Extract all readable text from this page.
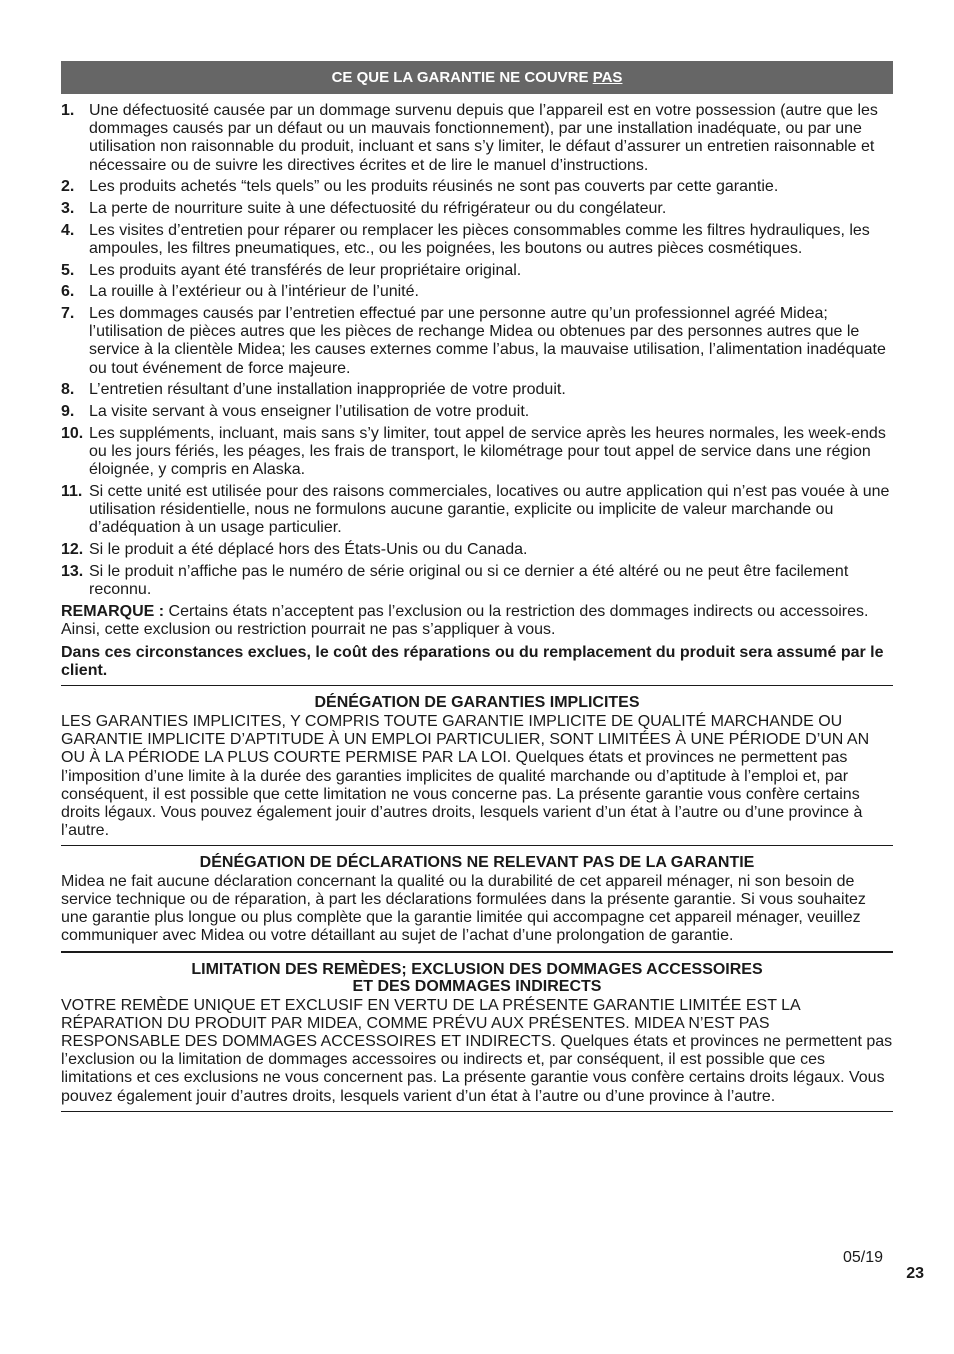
CE QUE LA GARANTIE NE COUVRE PAS
1. Une défectuosité causée par un dommage survenu depuis que l’appareil est en votre possession (autre que les dommages causés par un défaut ou un mauvais fonctionnement), par une installation inadéquate, ou par une utilisation non raisonnable du produit, incluant et sans s’y limiter, le défaut d’assurer un entretien raisonnable et nécessaire ou de suivre les directives écrites et de lire le manuel d’instructions.
2. Les produits achetés “tels quels” ou les produits réusinés ne sont pas couverts par cette garantie.
3. La perte de nourriture suite à une défectuosité du réfrigérateur ou du congélateur.
4. Les visites d’entretien pour réparer ou remplacer les pièces consommables comme les filtres hydrauliques, les ampoules, les filtres pneumatiques, etc., ou les poignées, les boutons ou autres pièces cosmétiques.
5. Les produits ayant été transférés de leur propriétaire original.
6. La rouille à l’extérieur ou à l’intérieur de l’unité.
7. Les dommages causés par l’entretien effectué par une personne autre qu’un professionnel agréé Midea; l’utilisation de pièces autres que les pièces de rechange Midea ou obtenues par des personnes autres que le service à la clientèle Midea; les causes externes comme l’abus, la mauvaise utilisation, l’alimentation inadéquate ou tout événement de force majeure.
8. L’entretien résultant d’une installation inappropriée de votre produit.
9. La visite servant à vous enseigner l’utilisation de votre produit.
10. Les suppléments, incluant, mais sans s’y limiter, tout appel de service après les heures normales, les week-ends ou les jours fériés, les péages, les frais de transport, le kilométrage pour tout appel de service dans une région éloignée, y compris en Alaska.
11. Si cette unité est utilisée pour des raisons commerciales, locatives ou autre application qui n’est pas vouée à une utilisation résidentielle, nous ne formulons aucune garantie, explicite ou implicite de valeur marchande ou d’adéquation à un usage particulier.
12. Si le produit a été déplacé hors des États-Unis ou du Canada.
13. Si le produit n’affiche pas le numéro de série original ou si ce dernier a été altéré ou ne peut être facilement reconnu.
REMARQUE : Certains états n’acceptent pas l’exclusion ou la restriction des dommages indirects ou accessoires. Ainsi, cette exclusion ou restriction pourrait ne pas s’appliquer à vous.
Dans ces circonstances exclues, le coût des réparations ou du remplacement du produit sera assumé par le client.
DÉNÉGATION DE GARANTIES IMPLICITES
LES GARANTIES IMPLICITES, Y COMPRIS TOUTE GARANTIE IMPLICITE DE QUALITÉ MARCHANDE OU GARANTIE IMPLICITE D’APTITUDE À UN EMPLOI PARTICULIER, SONT LIMITÉES À UNE PÉRIODE D’UN AN OU À LA PÉRIODE LA PLUS COURTE PERMISE PAR LA LOI. Quelques états et provinces ne permettent pas l’imposition d’une limite à la durée des garanties implicites de qualité marchande ou d’aptitude à l’emploi et, par conséquent, il est possible que cette limitation ne vous concerne pas. La présente garantie vous confère certains droits légaux. Vous pouvez également jouir d’autres droits, lesquels varient d’un état à l’autre ou d’une province à l’autre.
DÉNÉGATION DE DÉCLARATIONS NE RELEVANT PAS DE LA GARANTIE
Midea ne fait aucune déclaration concernant la qualité ou la durabilité de cet appareil ménager, ni son besoin de service technique ou de réparation, à part les déclarations formulées dans la présente garantie. Si vous souhaitez une garantie plus longue ou plus complète que la garantie limitée qui accompagne cet appareil ménager, veuillez communiquer avec Midea ou votre détaillant au sujet de l’achat d’une prolongation de garantie.
LIMITATION DES REMÈDES; EXCLUSION DES DOMMAGES ACCESSOIRES
ET DES DOMMAGES INDIRECTS
VOTRE REMÈDE UNIQUE ET EXCLUSIF EN VERTU DE LA PRÉSENTE GARANTIE LIMITÉE EST LA RÉPARATION DU PRODUIT PAR MIDEA, COMME PRÉVU AUX PRÉSENTES. MIDEA N’EST PAS RESPONSABLE DES DOMMAGES ACCESSOIRES ET INDIRECTS. Quelques états et provinces ne permettent pas l’exclusion ou la limitation de dommages accessoires ou indirects et, par conséquent, il est possible que ces limitations et ces exclusions ne vous concernent pas. La présente garantie vous confère certains droits légaux. Vous pouvez également jouir d’autres droits, lesquels varient d’un état à l’autre ou d’une province à l’autre.
05/19
23
